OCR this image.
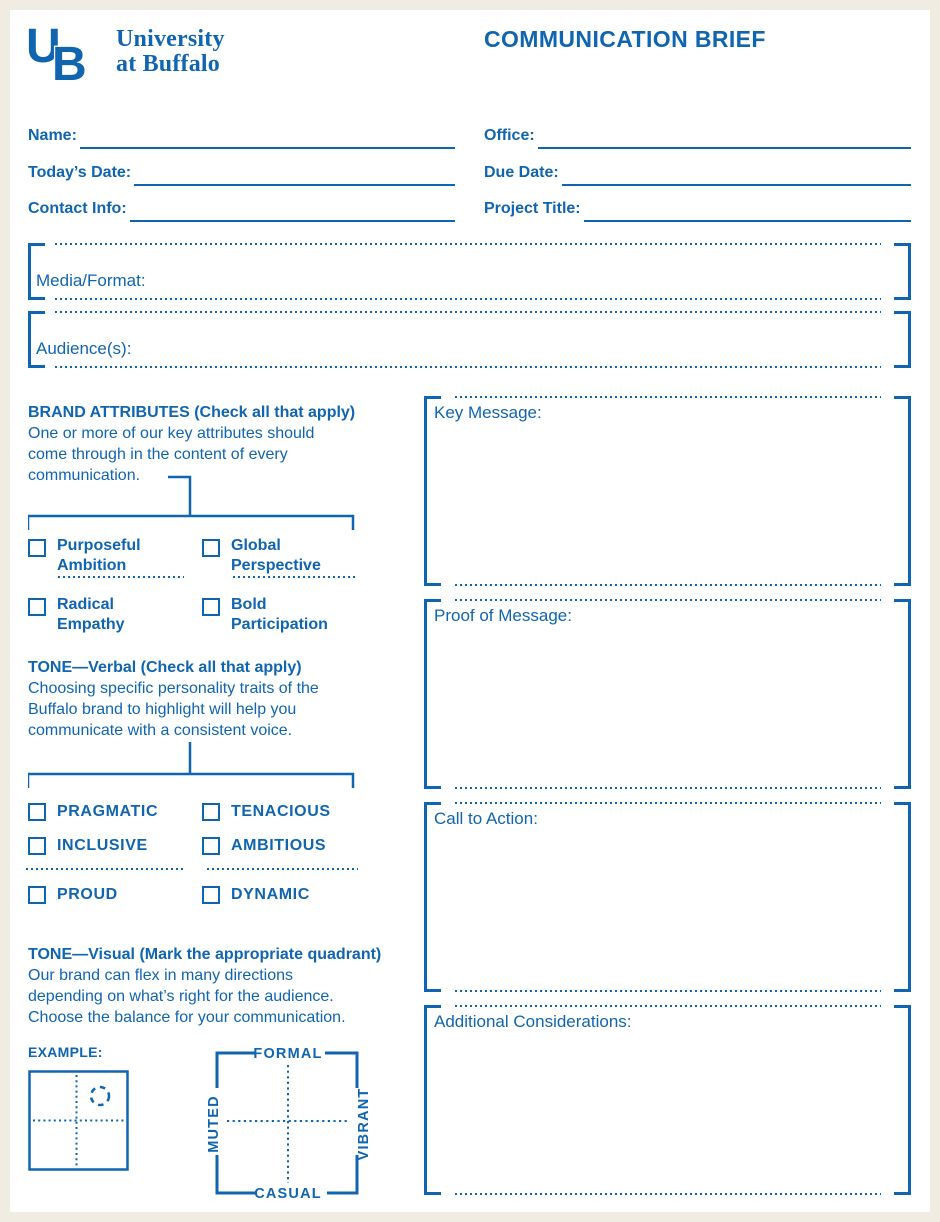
U
B University
at Buffalo
COMMUNICATION BRIEF
Name:	Office:
Today’s Date:	Due Date:
Contact Info:	Project Title:
Media/Format:
Audience(s):
BRAND ATTRIBUTES (Check all that apply)
One or more of our key attributes should
come through in the content of every
communication.
Purposeful
Ambition
Global
Perspective
Radical
Empathy
Bold
Participation
TONE—Verbal (Check all that apply)
Choosing specific personality traits of the
Buffalo brand to highlight will help you
communicate with a consistent voice.
PRAGMATIC	TENACIOUS
INCLUSIVE	AMBITIOUS
PROUD	DYNAMIC
TONE—Visual (Mark the appropriate quadrant)
Our brand can flex in many directions
depending on what’s right for the audience.
Choose the balance for your communication.
EXAMPLE:	FORMAL
CASUAL
MUTED	VIBRANT
Key Message:
Proof of Message:
Call to Action:
Additional Considerations:
